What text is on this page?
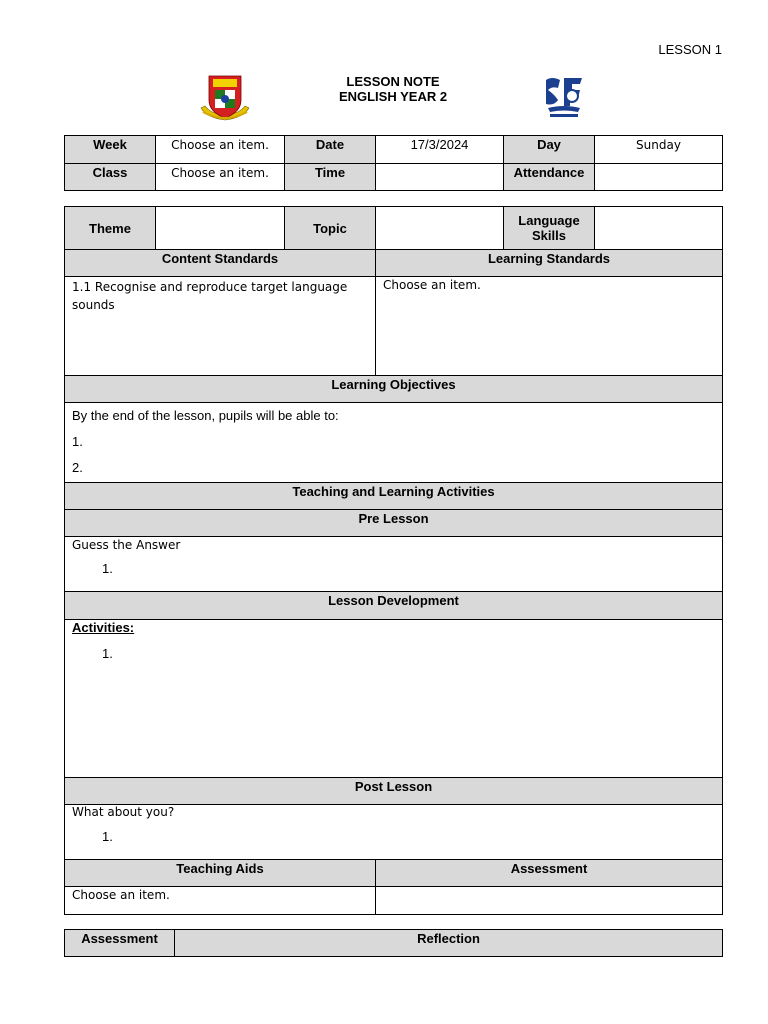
LESSON 1
LESSON NOTE
ENGLISH YEAR 2
Week	Choose an item.	Date	17/3/2024	Day	Sunday

Class	Choose an item.	Time		Attendance	

Theme		Topic		Language Skills	

Content Standards			Learning Standards		

1.1 Recognise and reproduce target language sounds			Choose an item.		

Learning Objectives					

By the end of the lesson, pupils will be able to:
1.
2.					

Teaching and Learning Activities					

Pre Lesson					

Guess the Answer
1.					

Lesson Development					

Activities:
1.					

Post Lesson					

What about you?
1.					

Teaching Aids			Assessment		

Choose an item.					

Assessment	Reflection
